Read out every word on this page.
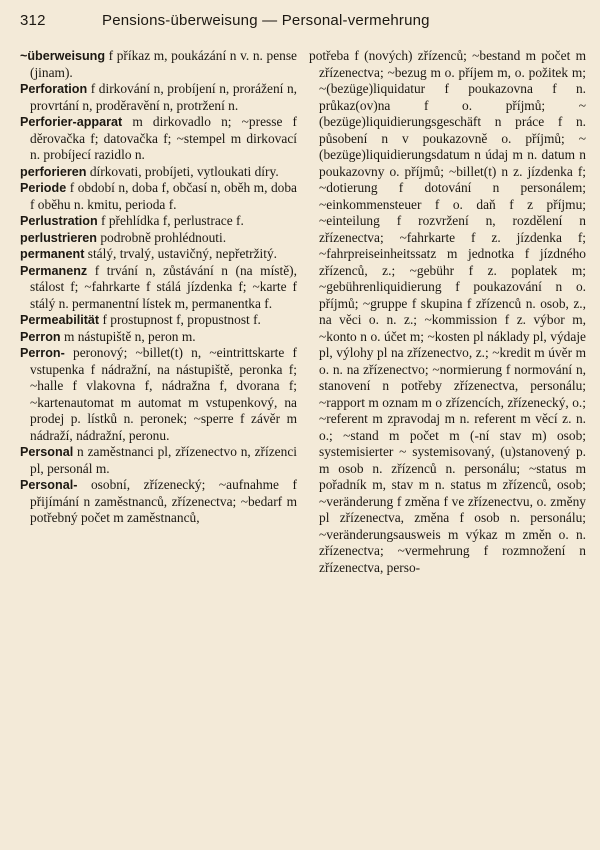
312	Pensions-überweisung — Personal-vermehrung

~überweisung f příkaz m, poukázání n v. n. pense (jinam).

Perforation f dirkování n, probíjení n, prorážení n, provrtání n, proděravění n, protržení n.

Perforier-apparat m dirkovadlo n; ~presse f děrovačka f; datovačka f; ~stempel m dirkovací n. probíjecí razidlo n.

perforieren dírkovati, probíjeti, vytloukati díry.

Periode f období n, doba f, občasí n, oběh m, doba f oběhu n. kmitu, perioda f.

Perlustration f přehlídka f, perlustrace f.

perlustrieren podrobně prohlédnouti.

permanent stálý, trvalý, ustavičný, nepřetržitý.

Permanenz f trvání n, zůstávání n (na místě), stálost f; ~fahrkarte f stálá jízdenka f; ~karte f stálý n. permanentní lístek m, permanentka f.

Permeabilität f prostupnost f, propustnost f.

Perron m nástupiště n, peron m.

Perron- peronový; ~billet(t) n, ~eintrittskarte f vstupenka f nádražní, na nástupiště, peronka f; ~halle f vlakovna f, nádražna f, dvorana f; ~kartenautomat m automat m vstupenkový, na prodej p. lístků n. peronek; ~sperre f závěr m nádraží, nádražní, peronu.

Personal n zaměstnanci pl, zřízenectvo n, zřízenci pl, personál m.

Personal- osobní, zřízenecký; ~aufnahme f přijímání n zaměstnanců, zřízenectva; ~bedarf m potřebný počet m zaměstnanců,

potřeba f (nových) zřízenců; ~bestand m počet m zřízenectva; ~bezug m o. příjem m, o. požitek m; ~(bezüge)liquidatur f poukazovna f n. průkaz(ov)na f o. příjmů; ~(bezüge)liquidierungsgeschäft n práce f n. působení n v poukazovně o. příjmů; ~(bezüge)liquidierungsdatum n údaj m n. datum n poukazovny o. příjmů; ~billet(t) n z. jízdenka f; ~dotierung f dotování n personálem; ~einkommensteuer f o. daň f z příjmu; ~einteilung f rozvržení n, rozdělení n zřízenectva; ~fahrkarte f z. jízdenka f; ~fahrpreiseinheitssatz m jednotka f jízdného zřízenců, z.; ~gebühr f z. poplatek m; ~gebührenliquidierung f poukazování n o. příjmů; ~gruppe f skupina f zřízenců n. osob, z., na věci o. n. z.; ~kommission f z. výbor m, ~konto n o. účet m; ~kosten pl náklady pl, výdaje pl, výlohy pl na zřízenectvo, z.; ~kredit m úvěr m o. n. na zřízenectvo; ~normierung f normování n, stanovení n potřeby zřízenectva, personálu; ~rapport m oznam m o zřízencích, zřízenecký, o.; ~referent m zpravodaj m n. referent m věcí z. n. o.; ~stand m počet m (-ní stav m) osob; systemisierter ~ systemisovaný, (u)stanovený p. m osob n. zřízenců n. personálu; ~status m pořadník m, stav m n. status m zřízenců, osob; ~veränderung f změna f ve zřízenectvu, o. změny pl zřízenectva, změna f osob n. personálu; ~veränderungsausweis m výkaz m změn o. n. zřízenectva; ~vermehrung f rozmnožení n zřízenectva, perso-
